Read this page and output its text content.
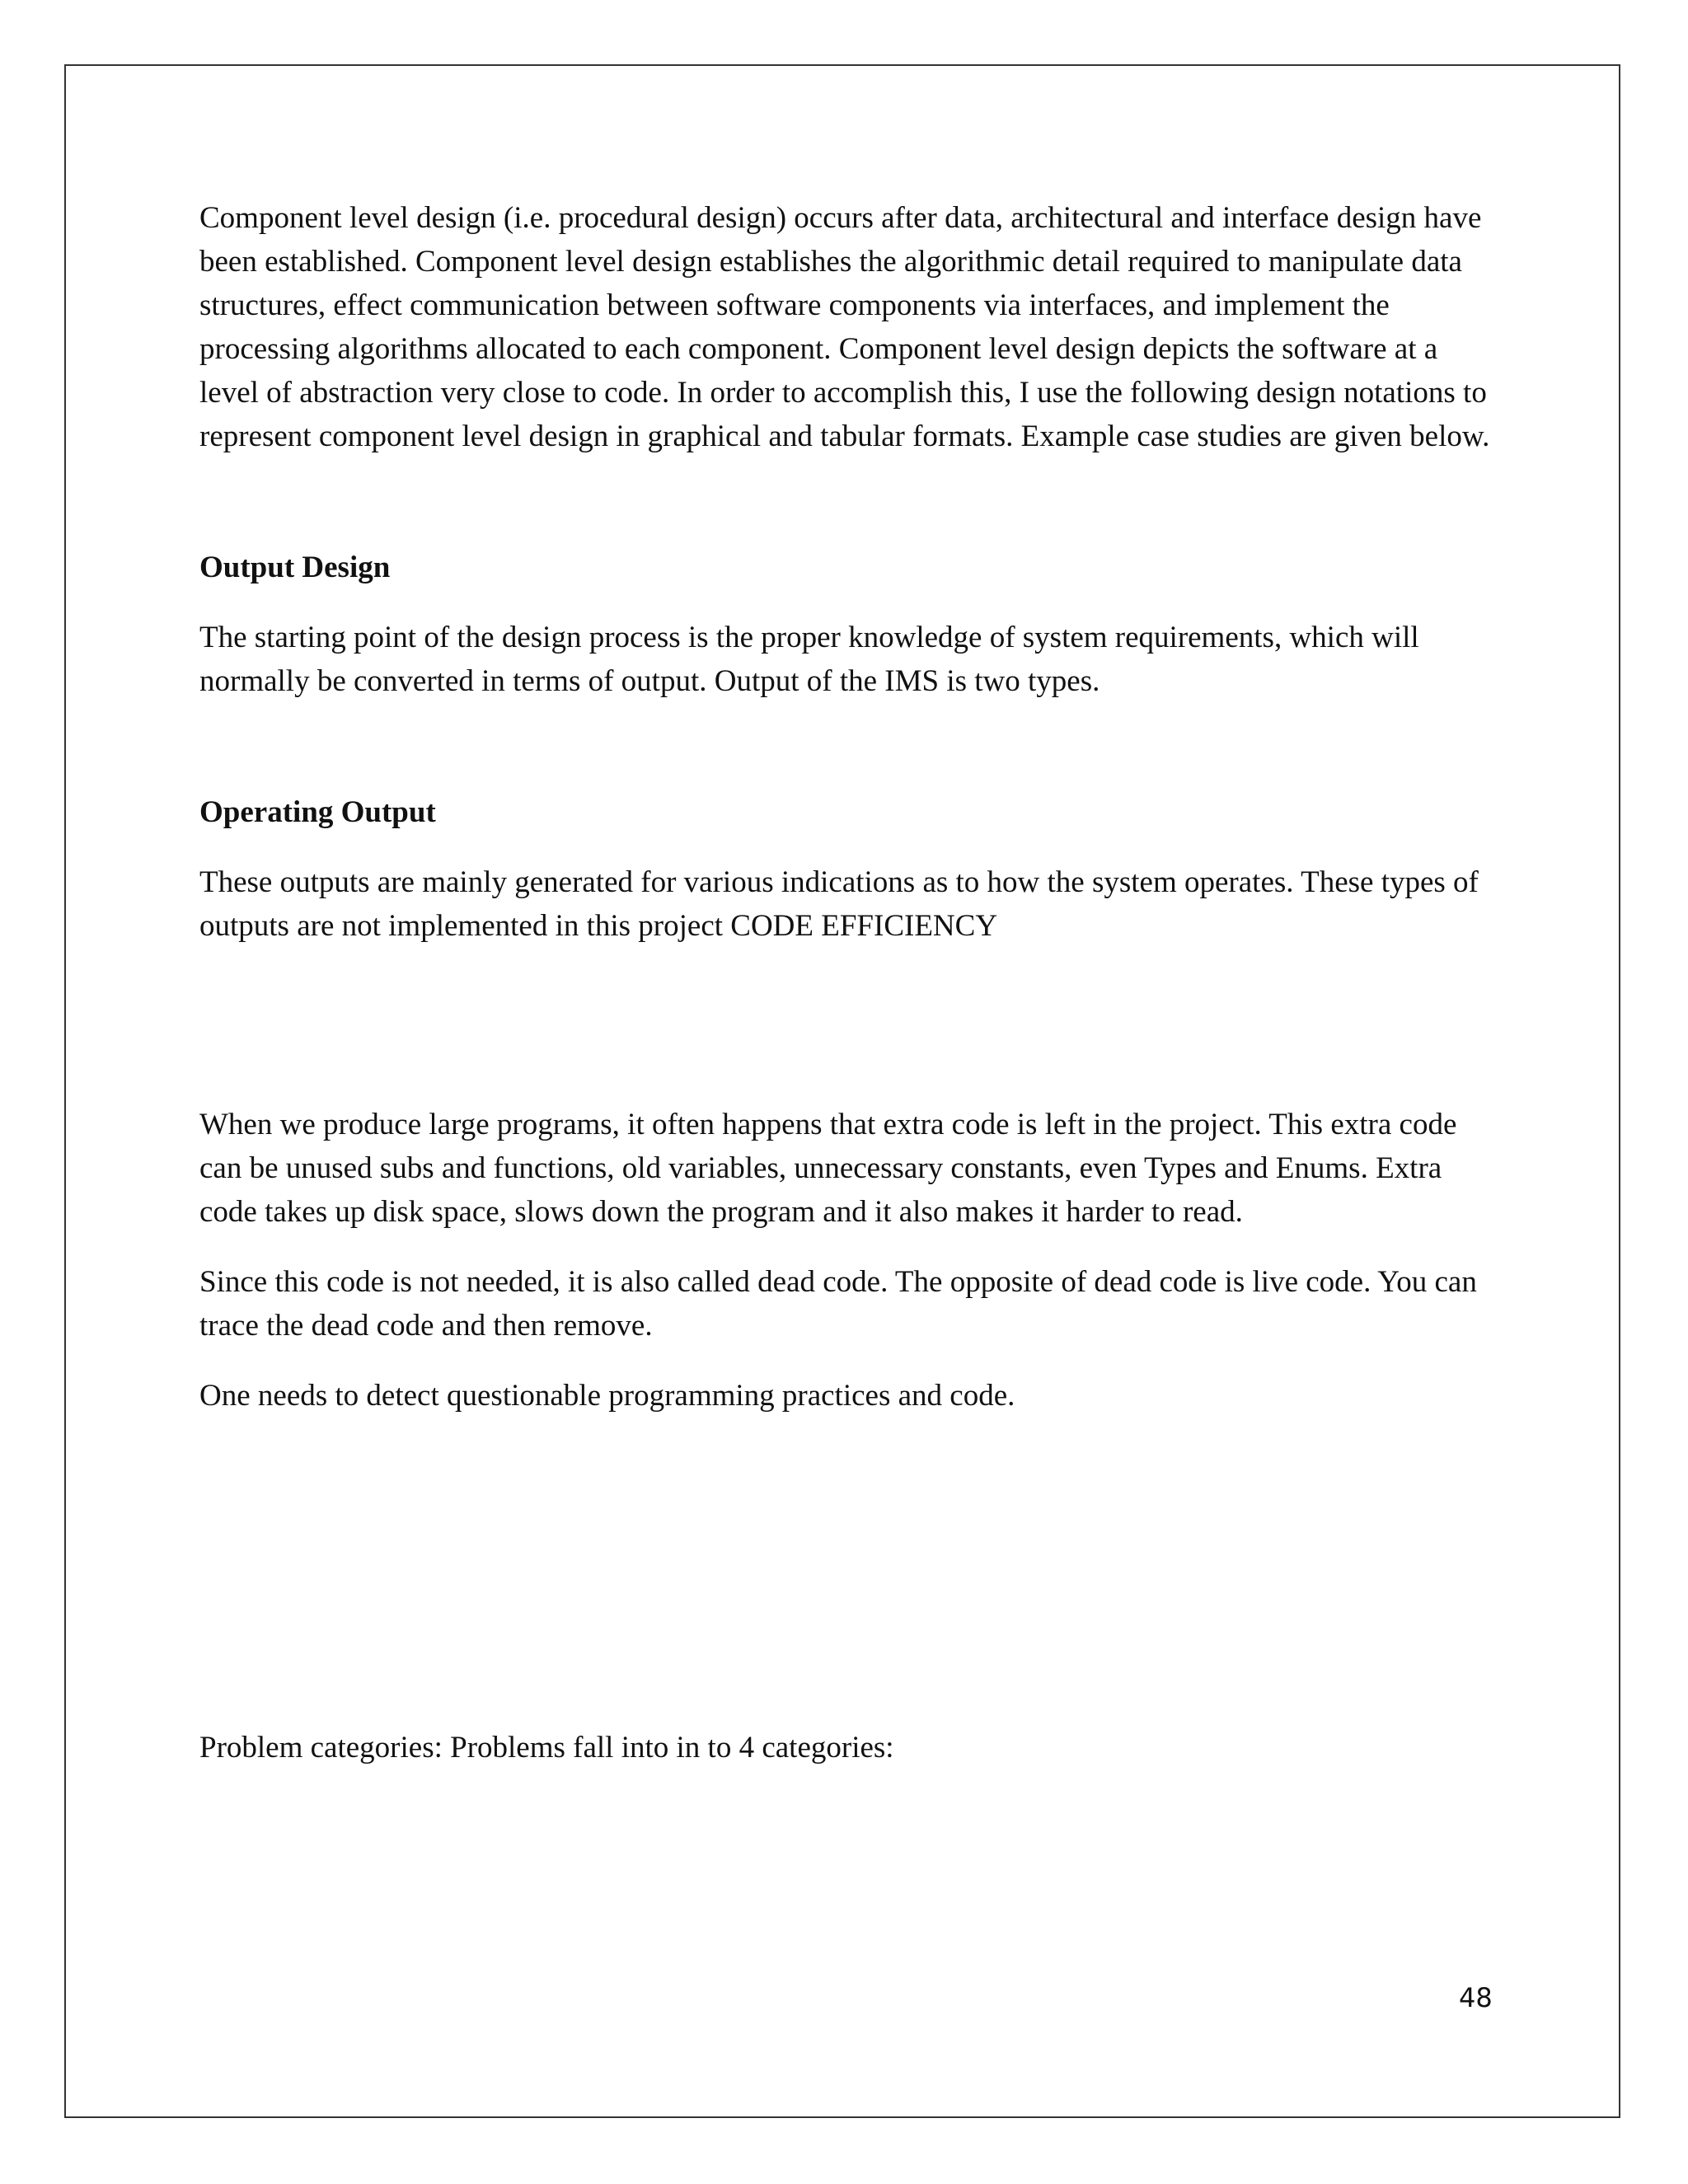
Component level design (i.e. procedural design) occurs after data, architectural and interface design have been established. Component level design establishes the algorithmic detail required to manipulate data structures, effect communication between software components via interfaces, and implement the processing algorithms allocated to each component. Component level design depicts the software at a level of abstraction very close to code. In order to accomplish this, I use the following design notations to represent component level design in graphical and tabular formats. Example case studies are given below.

Output Design

The starting point of the design process is the proper knowledge of system requirements, which will normally be converted in terms of output. Output of the IMS is two types.

Operating Output

These outputs are mainly generated for various indications as to how the system operates. These types of outputs are not implemented in this project CODE EFFICIENCY

When we produce large programs, it often happens that extra code is left in the project. This extra code can be unused subs and functions, old variables, unnecessary constants, even Types and Enums. Extra code takes up disk space, slows down the program and it also makes it harder to read.

Since this code is not needed, it is also called dead code. The opposite of dead code is live code. You can trace the dead code and then remove.

One needs to detect questionable programming practices and code.

Problem categories: Problems fall into in to 4 categories:

48
